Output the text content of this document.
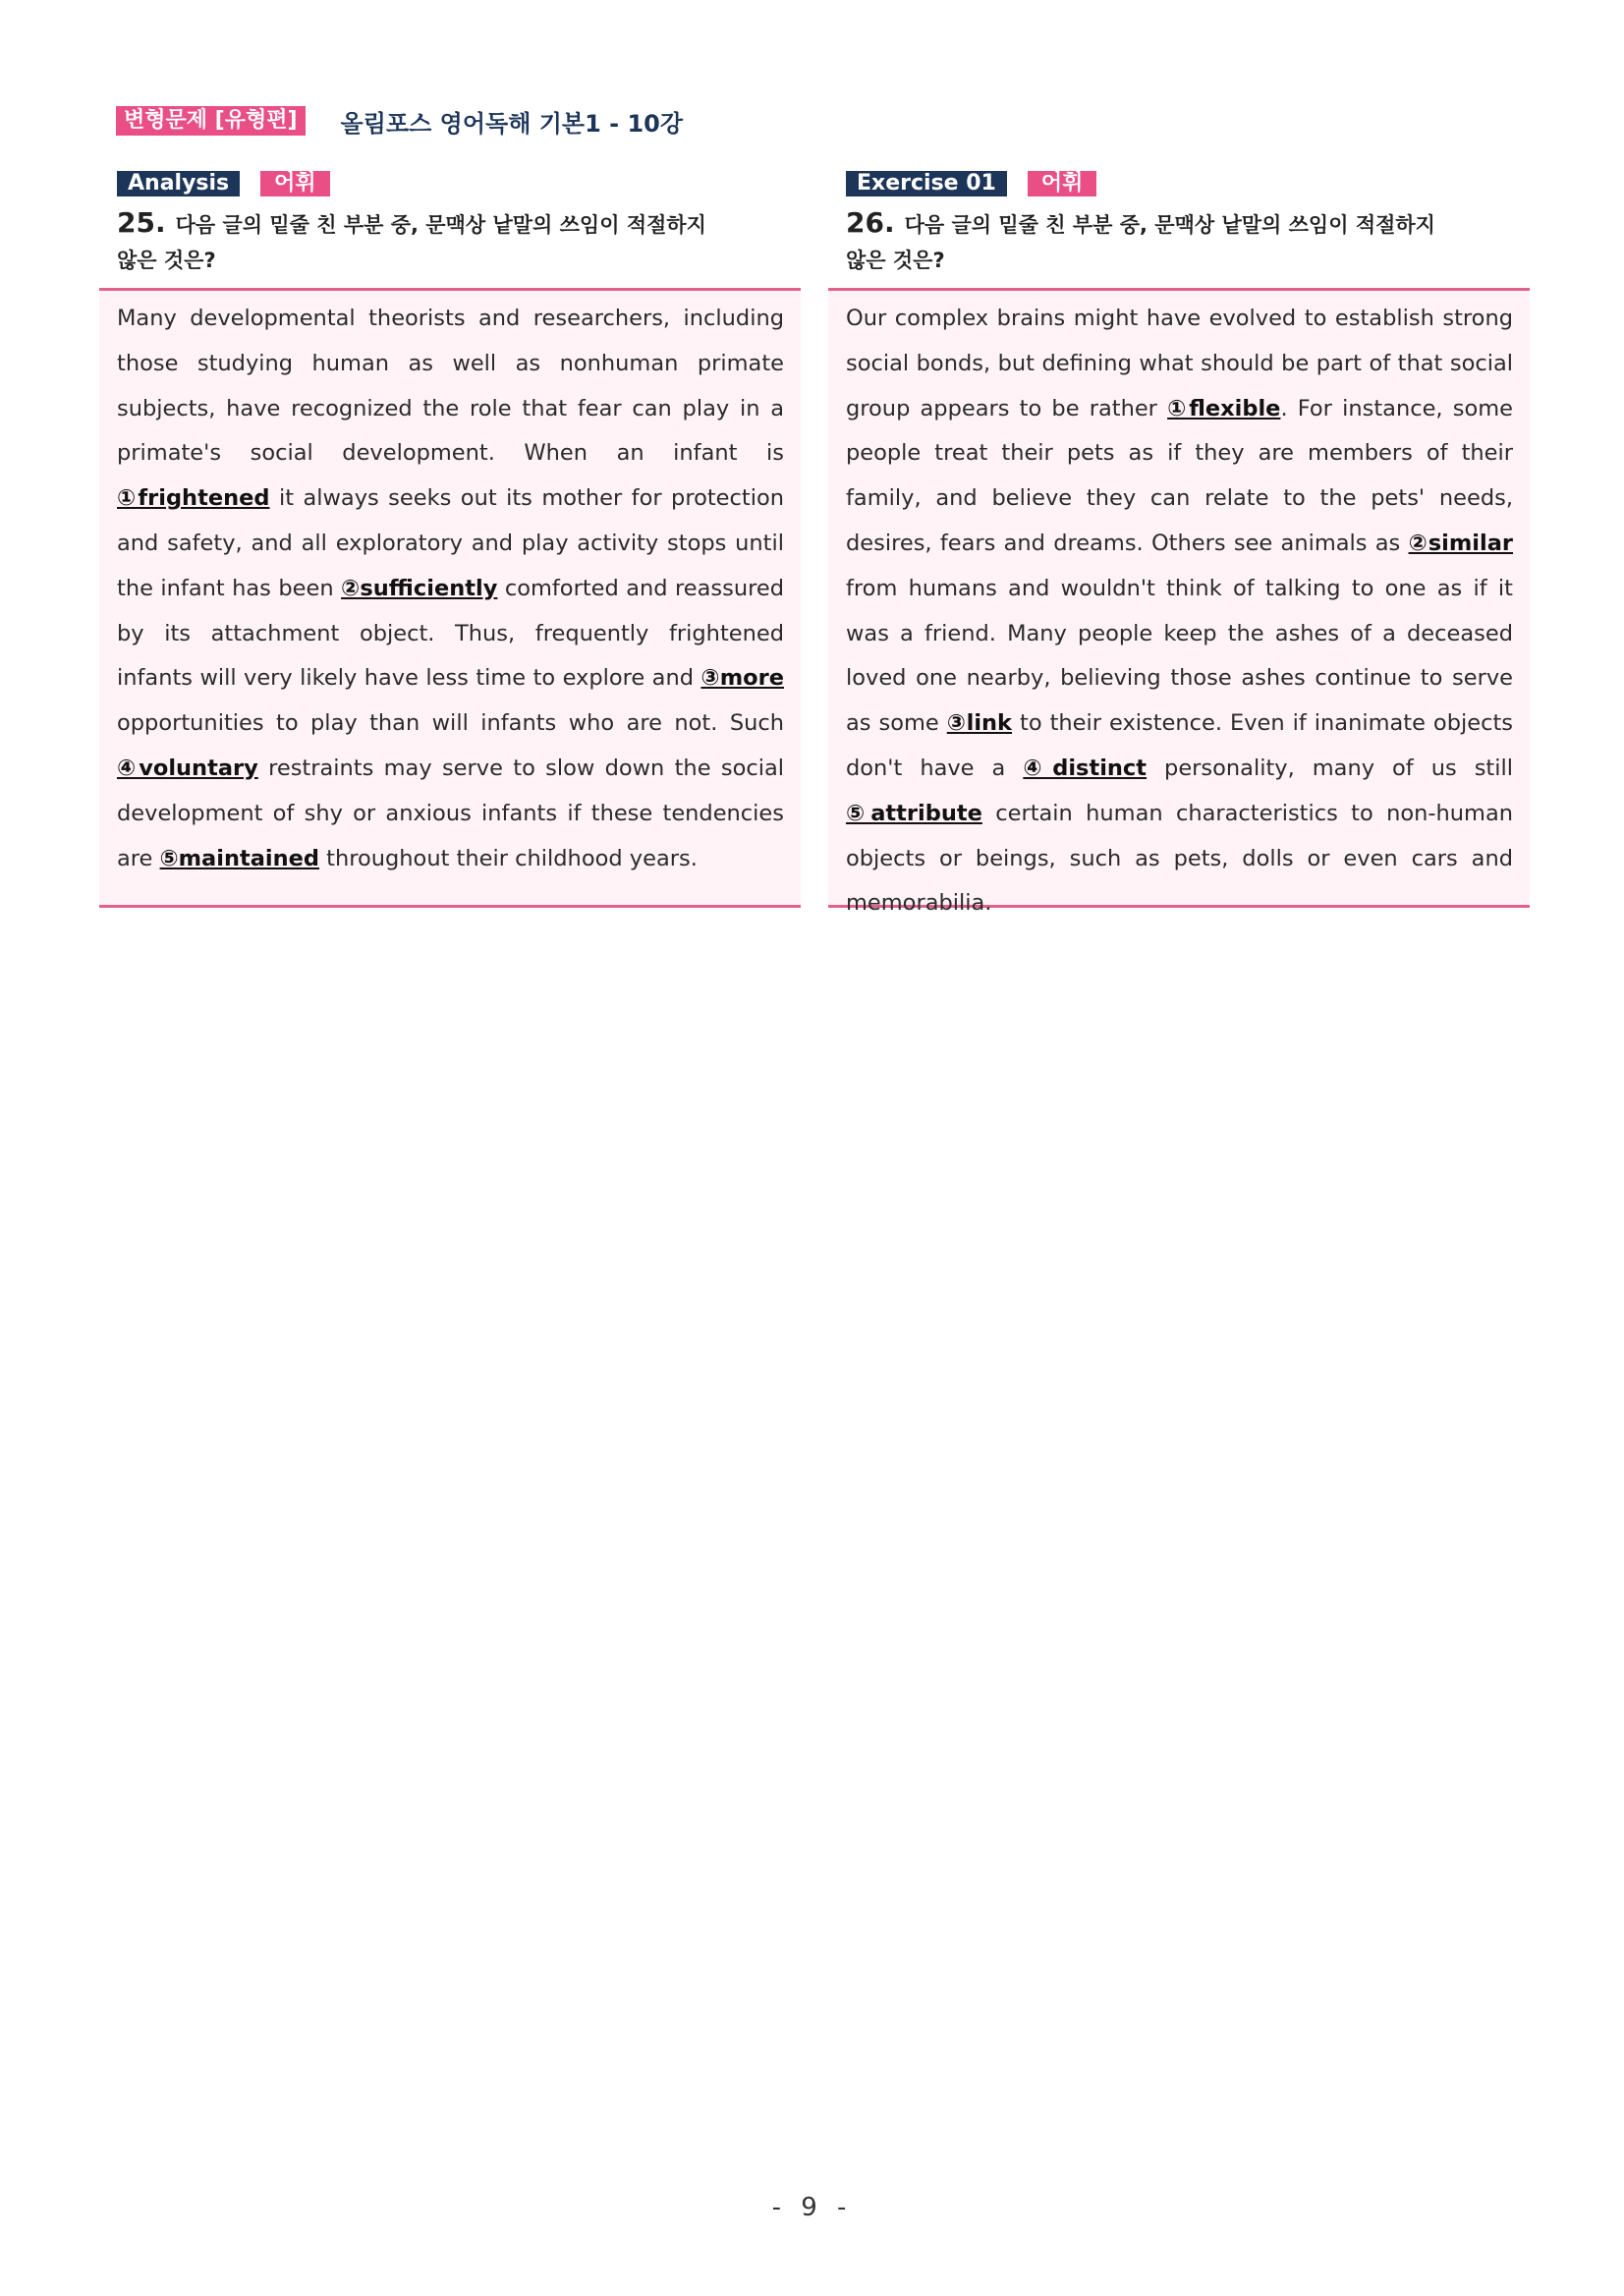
변형문제 [유형편]	올림포스 영어독해 기본1 - 10강
Analysis	어휘
25. 다음 글의 밑줄 친 부분 중, 문맥상 낱말의 쓰임이 적절하지
않은 것은?
Many developmental theorists and researchers, including those studying human as well as nonhuman primate subjects, have recognized the role that fear can play in a primate's social development. When an infant is ①frightened it always seeks out its mother for protection and safety, and all exploratory and play activity stops until the infant has been ②sufficiently comforted and reassured by its attachment object. Thus, frequently frightened infants will very likely have less time to explore and ③more opportunities to play than will infants who are not. Such ④voluntary restraints may serve to slow down the social development of shy or anxious infants if these tendencies are ⑤maintained throughout their childhood years.
Exercise 01	어휘
26. 다음 글의 밑줄 친 부분 중, 문맥상 낱말의 쓰임이 적절하지
않은 것은?
Our complex brains might have evolved to establish strong social bonds, but defining what should be part of that social group appears to be rather ①flexible. For instance, some people treat their pets as if they are members of their family, and believe they can relate to the pets' needs, desires, fears and dreams. Others see animals as ②similar from humans and wouldn't think of talking to one as if it was a friend. Many people keep the ashes of a deceased loved one nearby, believing those ashes continue to serve as some ③link to their existence. Even if inanimate objects don't have a ④distinct personality, many of us still ⑤attribute certain human characteristics to non-human objects or beings, such as pets, dolls or even cars and memorabilia.
- 9 -
